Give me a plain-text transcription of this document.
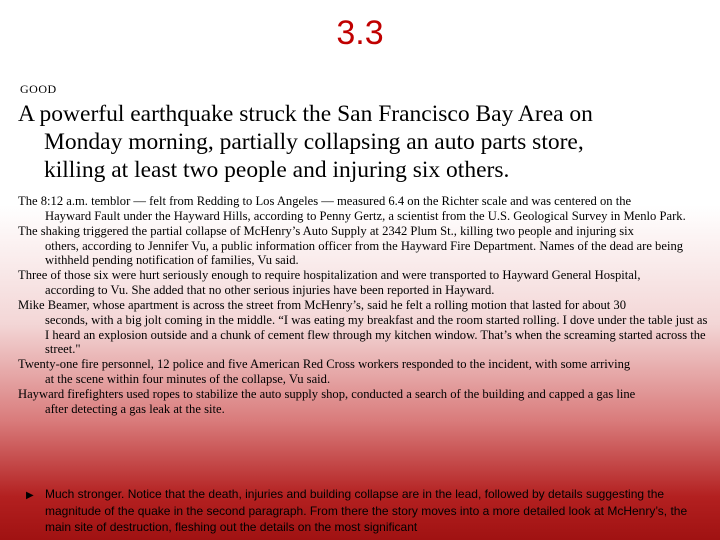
3.3
GOOD
A powerful earthquake struck the San Francisco Bay Area on
Monday morning, partially collapsing an auto parts store,
killing at least two people and injuring six others.
The 8:12 a.m. temblor — felt from Redding to Los Angeles — measured 6.4 on the Richter scale and was centered on the
Hayward Fault under the Hayward Hills, according to Penny Gertz, a scientist from the U.S. Geological Survey in Menlo Park.
The shaking triggered the partial collapse of McHenry’s Auto Supply at 2342 Plum St., killing two people and injuring six
others, according to Jennifer Vu, a public information officer from the Hayward Fire Department. Names of the dead are being withheld pending notification of families, Vu said.
Three of those six were hurt seriously enough to require hospitalization and were transported to Hayward General Hospital,
according to Vu. She added that no other serious injuries have been reported in Hayward.
Mike Beamer, whose apartment is across the street from McHenry’s, said he felt a rolling motion that lasted for about 30
seconds, with a big jolt coming in the middle. “I was eating my breakfast and the room started rolling. I dove under the table just as I heard an explosion outside and a chunk of cement flew through my kitchen window. That’s when the screaming started across the street."
Twenty-one fire personnel, 12 police and five American Red Cross workers responded to the incident, with some arriving
at the scene within four minutes of the collapse, Vu said.
Hayward firefighters used ropes to stabilize the auto supply shop, conducted a search of the building and capped a gas line
after detecting a gas leak at the site.
▶ Much stronger. Notice that the death, injuries and building collapse are in the lead, followed by details suggesting the magnitude of the quake in the second paragraph. From there the story moves into a more detailed look at McHenry’s, the main site of destruction, fleshing out the details on the most significant
